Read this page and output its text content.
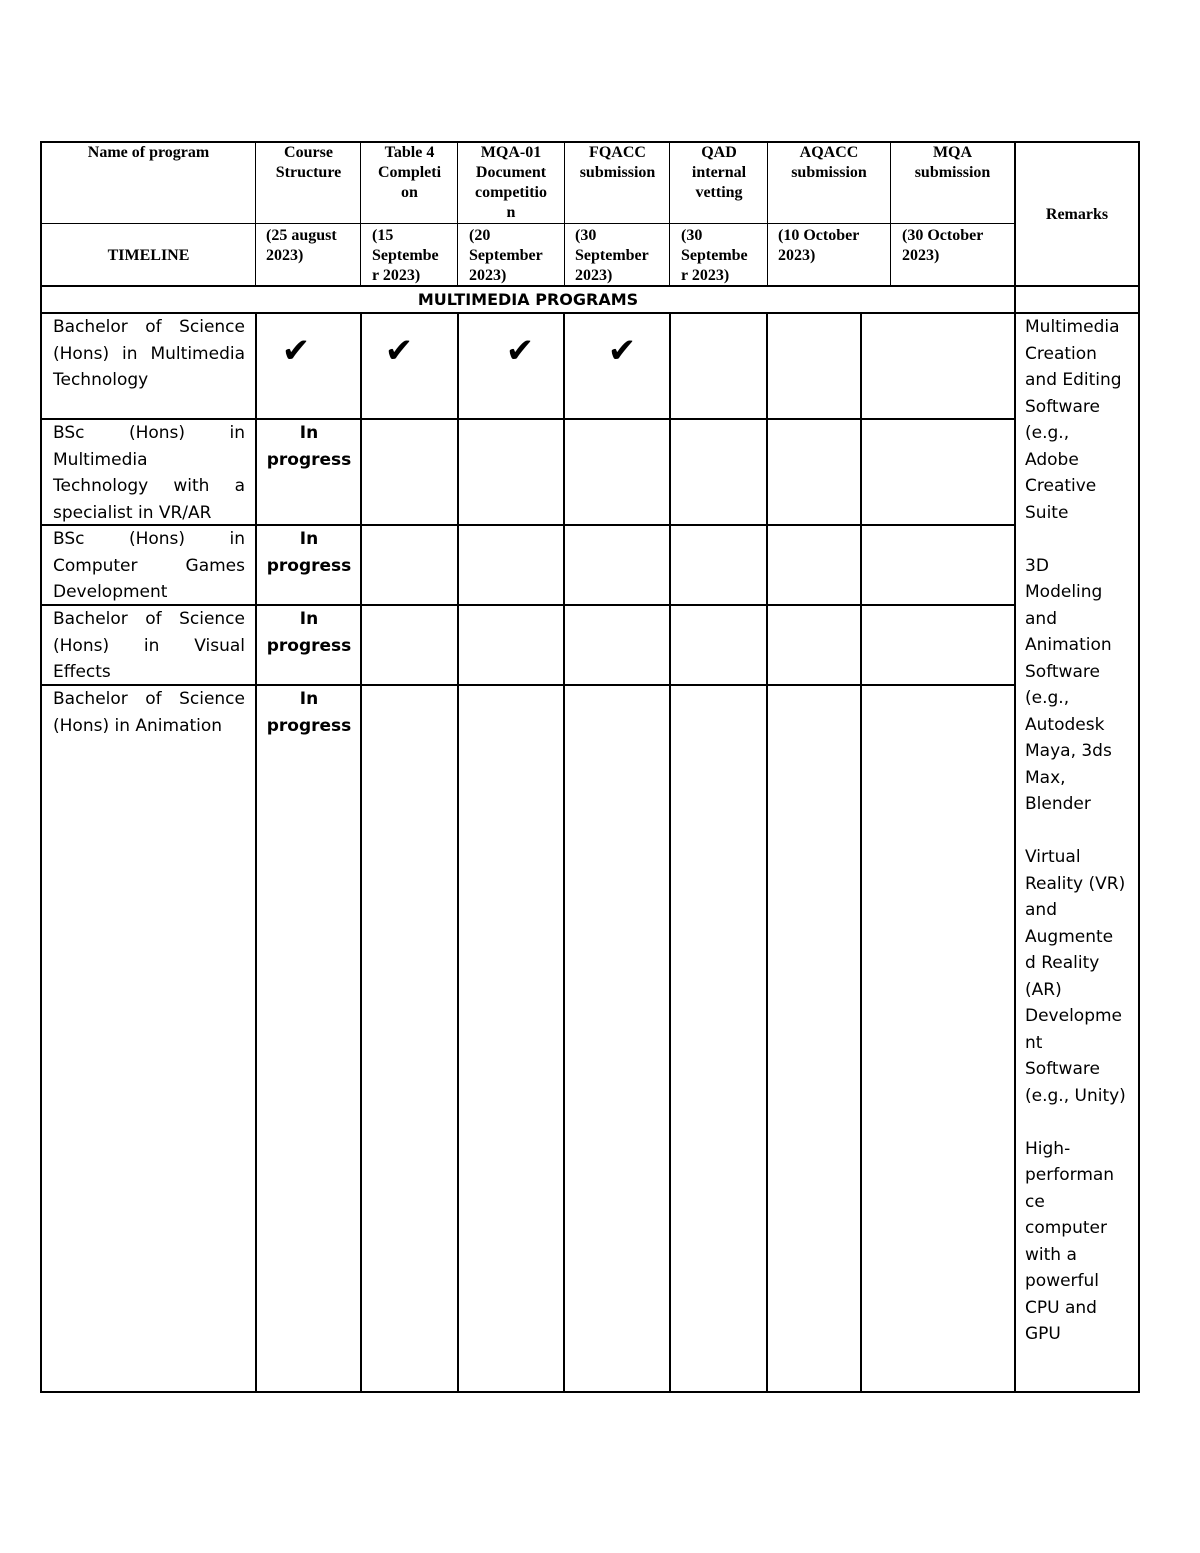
Name of program
TIMELINE
Course
Structure
Table 4
Completi
on
MQA-01
Document
competitio
n
FQACC
submission
QAD
internal
vetting
AQACC
submission
MQA
submission
Remarks
(25 august
2023)
(15
Septembe
r 2023)
(20
September
2023)
(30
September
2023)
(30
Septembe
r 2023)
(10 October
2023)
(30 October
2023)
MULTIMEDIA PROGRAMS
Bachelor of Science (Hons) in Multimedia Technology
✔ ✔	✔ ✔
BSc (Hons) in Multimedia Technology with a specialist in VR/AR
In
progress
BSc (Hons) in Computer Games Development
In
progress
Bachelor of Science (Hons) in Visual Effects
In
progress
Bachelor of Science (Hons) in Animation
In
progress
Multimedia
Creation
and Editing
Software
(e.g.,
Adobe
Creative
Suite

3D
Modeling
and
Animation
Software
(e.g.,
Autodesk
Maya, 3ds
Max,
Blender

Virtual
Reality (VR)
and
Augmente
d Reality
(AR)
Developme
nt
Software
(e.g., Unity)

High-
performan
ce
computer
with a
powerful
CPU and
GPU
